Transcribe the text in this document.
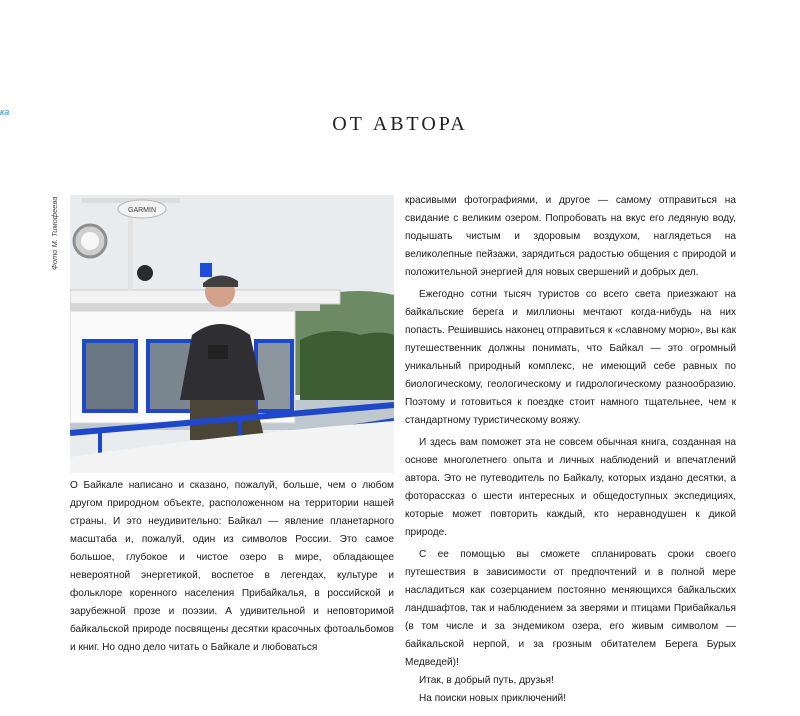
ка
ОТ АВТОРА
Фото М. Тимофеева	GARMIN

О Байкале написано и сказано, пожалуй, больше, чем о любом другом природном объекте, расположенном на территории нашей страны. И это неудивительно: Байкал — явление планетарного масштаба и, пожалуй, один из символов России. Это самое большое, глубокое и чистое озеро в мире, обладающее невероятной энергетикой, воспетое в легендах, культуре и фольклоре коренного населения Прибайкалья, в российской и зарубежной прозе и поэзии. А удивительной и неповторимой байкальской природе посвящены десятки красочных фотоальбомов и книг. Но одно дело читать о Байкале и любоваться

красивыми фотографиями, и другое — самому отправиться на свидание с великим озером. Попробовать на вкус его ледяную воду, подышать чистым и здоровым воздухом, наглядеться на великолепные пейзажи, зарядиться радостью общения с природой и положительной энергией для новых свершений и добрых дел.

Ежегодно сотни тысяч туристов со всего света приезжают на байкальские берега и миллионы мечтают когда-нибудь на них попасть. Решившись наконец отправиться к «славному морю», вы как путешественник должны понимать, что Байкал — это огромный уникальный природный комплекс, не имеющий себе равных по биологическому, геологическому и гидрологическому разнообразию. Поэтому и готовиться к поездке стоит намного тщательнее, чем к стандартному туристическому вояжу.

И здесь вам поможет эта не совсем обычная книга, созданная на основе многолетнего опыта и личных наблюдений и впечатлений автора. Это не путеводитель по Байкалу, которых издано десятки, а фоторассказ о шести интересных и общедоступных экспедициях, которые может повторить каждый, кто неравнодушен к дикой природе.

С ее помощью вы сможете спланировать сроки своего путешествия в зависимости от предпочтений и в полной мере насладиться как созерцанием постоянно меняющихся байкальских ландшафтов, так и наблюдением за зверями и птицами Прибайкалья (в том числе и за эндемиком озера, его живым символом — байкальской нерпой, и за грозным обитателем Берега Бурых Медведей)!

Итак, в добрый путь, друзья!

На поиски новых приключений!
